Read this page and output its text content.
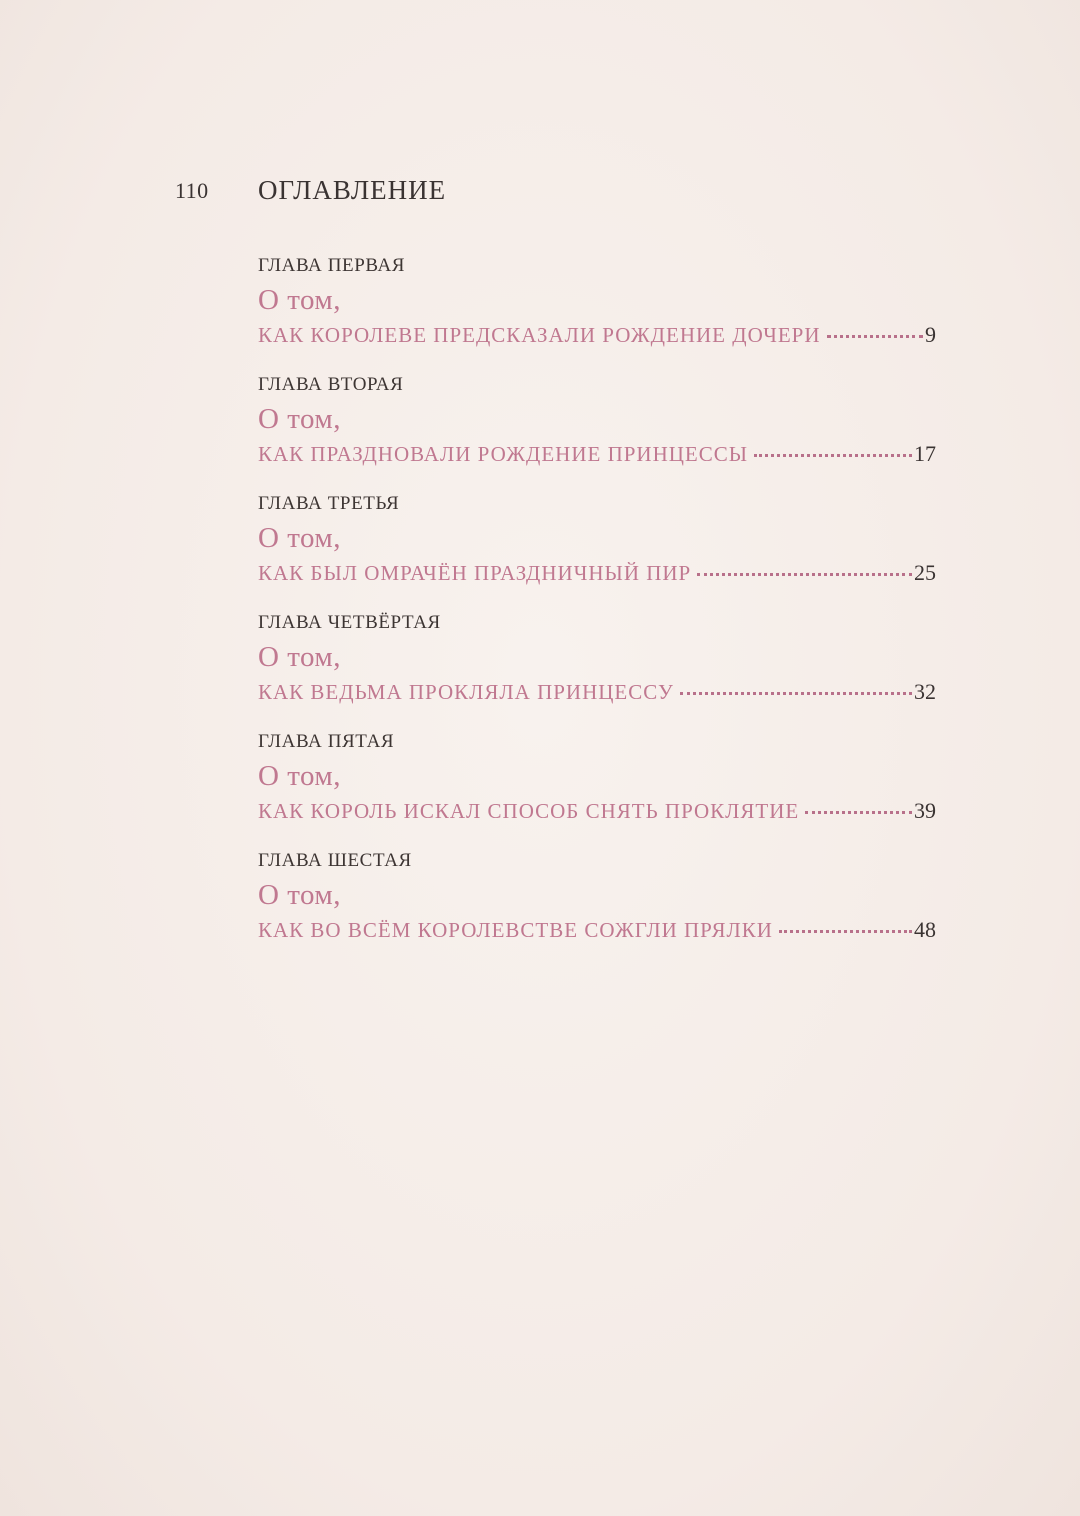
110 ОГЛАВЛЕНИЕ
ГЛАВА ПЕРВАЯ
О том,
КАК КОРОЛЕВЕ ПРЕДСКАЗАЛИ РОЖДЕНИЕ ДОЧЕРИ	9
ГЛАВА ВТОРАЯ
О том,
КАК ПРАЗДНОВАЛИ РОЖДЕНИЕ ПРИНЦЕССЫ	17
ГЛАВА ТРЕТЬЯ
О том,
КАК БЫЛ ОМРАЧЁН ПРАЗДНИЧНЫЙ ПИР	25
ГЛАВА ЧЕТВЁРТАЯ
О том,
КАК ВЕДЬМА ПРОКЛЯЛА ПРИНЦЕССУ	32
ГЛАВА ПЯТАЯ
О том,
КАК КОРОЛЬ ИСКАЛ СПОСОБ СНЯТЬ ПРОКЛЯТИЕ	39
ГЛАВА ШЕСТАЯ
О том,
КАК ВО ВСЁМ КОРОЛЕВСТВЕ СОЖГЛИ ПРЯЛКИ	48
